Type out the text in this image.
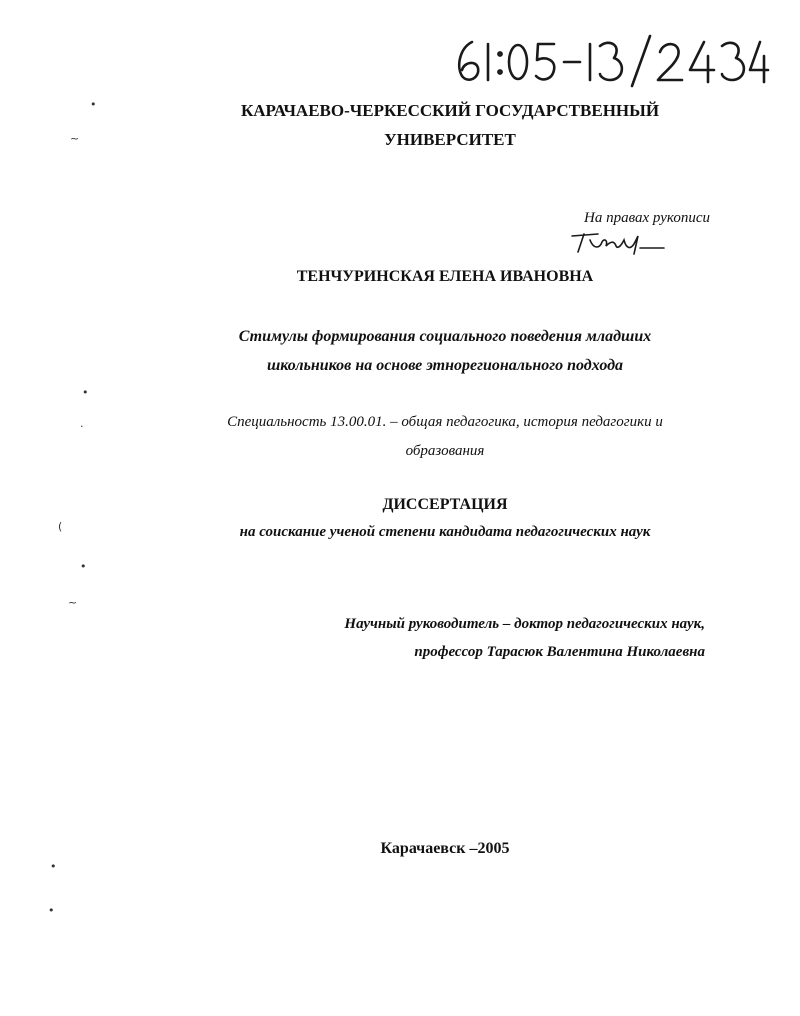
•
~
•
·
(
•
~
•
•
КАРАЧАЕВО-ЧЕРКЕССКИЙ ГОСУДАРСТВЕННЫЙ
УНИВЕРСИТЕТ
На правах рукописи
ТЕНЧУРИНСКАЯ ЕЛЕНА ИВАНОВНА
Стимулы формирования социального поведения младших
школьников на основе этнорегионального подхода
Специальность 13.00.01. – общая педагогика, история педагогики и
образования
ДИССЕРТАЦИЯ
на соискание ученой степени кандидата педагогических наук
Научный руководитель – доктор педагогических наук,
профессор Тарасюк Валентина Николаевна
Карачаевск –2005
